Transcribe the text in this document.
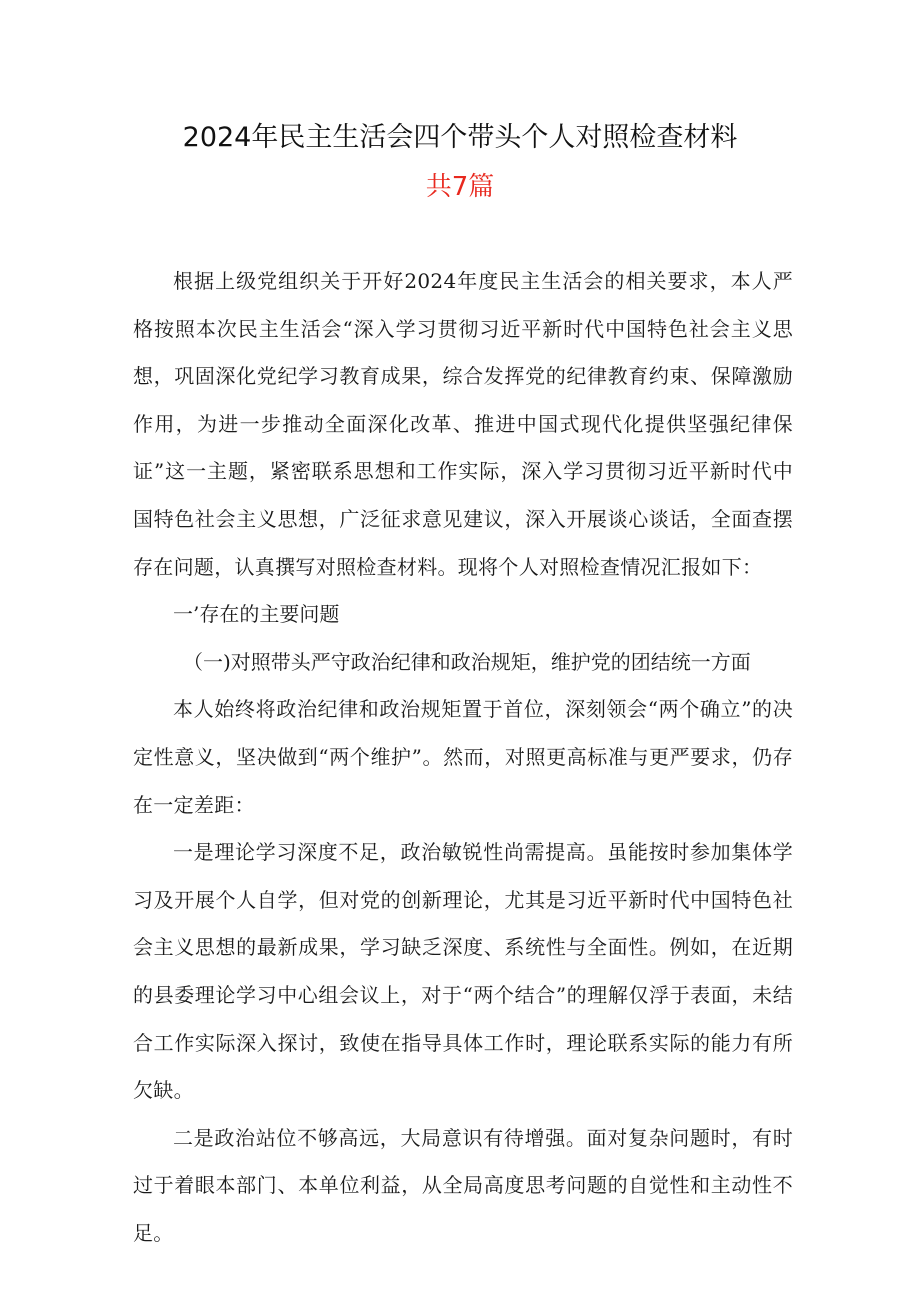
2024年民主生活会四个带头个人对照检查材料
共7篇

根据上级党组织关于开好2024年度民主生活会的相关要求，本人严格按照本次民主生活会“深入学习贯彻习近平新时代中国特色社会主义思想，巩固深化党纪学习教育成果，综合发挥党的纪律教育约束、保障激励作用，为进一步推动全面深化改革、推进中国式现代化提供坚强纪律保证”这一主题，紧密联系思想和工作实际，深入学习贯彻习近平新时代中国特色社会主义思想，广泛征求意见建议，深入开展谈心谈话，全面查摆存在问题，认真撰写对照检查材料。现将个人对照检查情况汇报如下：

一’存在的主要问题

（一)对照带头严守政治纪律和政治规矩，维护党的团结统一方面

本人始终将政治纪律和政治规矩置于首位，深刻领会“两个确立”的决定性意义，坚决做到“两个维护”。然而，对照更高标准与更严要求，仍存在一定差距：

一是理论学习深度不足，政治敏锐性尚需提高。虽能按时参加集体学习及开展个人自学，但对党的创新理论，尤其是习近平新时代中国特色社会主义思想的最新成果，学习缺乏深度、系统性与全面性。例如，在近期的县委理论学习中心组会议上，对于“两个结合”的理解仅浮于表面，未结合工作实际深入探讨，致使在指导具体工作时，理论联系实际的能力有所欠缺。

二是政治站位不够高远，大局意识有待增强。面对复杂问题时，有时过于着眼本部门、本单位利益，从全局高度思考问题的自觉性和主动性不足。
